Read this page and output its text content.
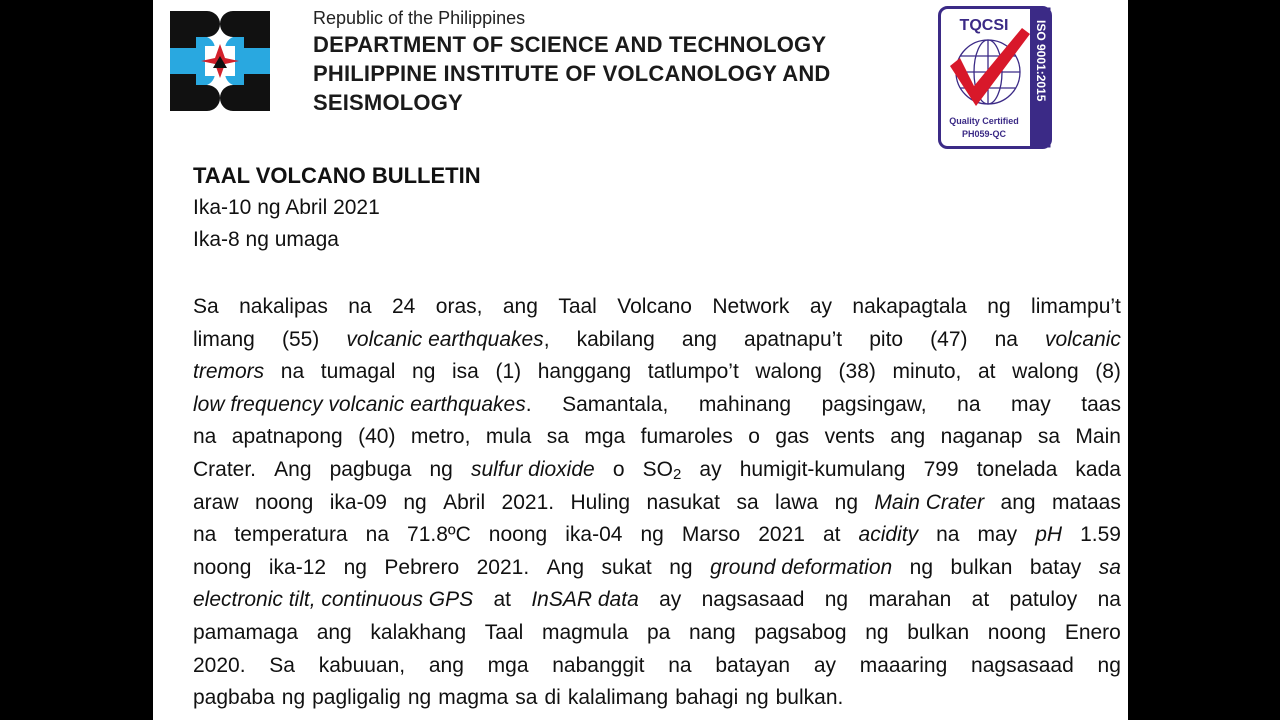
Republic of the Philippines
DEPARTMENT OF SCIENCE AND TECHNOLOGY
PHILIPPINE INSTITUTE OF VOLCANOLOGY AND
SEISMOLOGY
ISO 9001:2015
TQCSI
Quality Certified
PH059-QC
TAAL VOLCANO BULLETIN
Ika-10 ng Abril 2021
Ika-8 ng umaga
Sa nakalipas na 24 oras, ang Taal Volcano Network ay nakapagtala ng limampu’t
limang (55) volcanic earthquakes, kabilang ang apatnapu’t pito (47) na volcanic
tremors na tumagal ng isa (1) hanggang tatlumpo’t walong (38) minuto, at walong (8)
low frequency volcanic earthquakes. Samantala, mahinang pagsingaw, na may taas
na apatnapong (40) metro, mula sa mga fumaroles o gas vents ang naganap sa Main
Crater. Ang pagbuga ng sulfur dioxide o $SO_2$ ay humigit-kumulang 799 tonelada kada
araw noong ika-09 ng Abril 2021. Huling nasukat sa lawa ng Main Crater ang mataas
na temperatura na 71.8ºC noong ika-04 ng Marso 2021 at acidity na may pH 1.59
noong ika-12 ng Pebrero 2021. Ang sukat ng ground deformation ng bulkan batay sa
electronic tilt, continuous GPS at InSAR data ay nagsasaad ng marahan at patuloy na
pamamaga ang kalakhang Taal magmula pa nang pagsabog ng bulkan noong Enero
2020. Sa kabuuan, ang mga nabanggit na batayan ay maaaring nagsasaad ng
pagbaba ng pagligalig ng magma sa di kalalimang bahagi ng bulkan.
